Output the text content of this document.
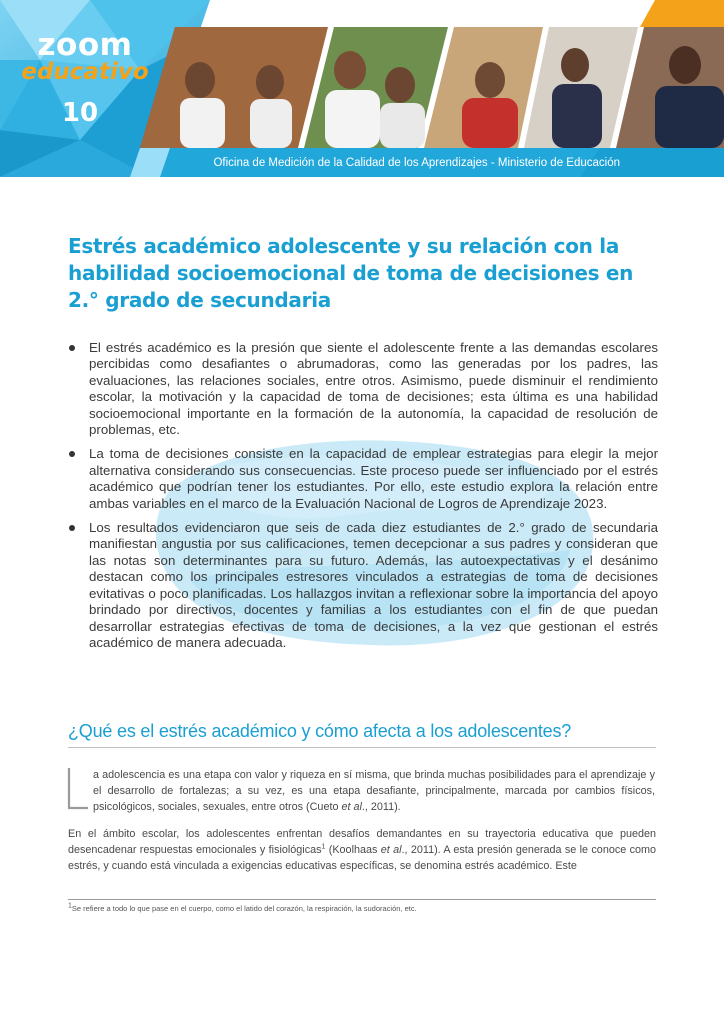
zoom
educativo
10
Oficina de Medición de la Calidad de los Aprendizajes - Ministerio de Educación
Estrés académico adolescente y su relación con la habilidad socioemocional de toma de decisiones en 2.° grado de secundaria
El estrés académico es la presión que siente el adolescente frente a las demandas escolares percibidas como desafiantes o abrumadoras, como las generadas por los padres, las evaluaciones, las relaciones sociales, entre otros. Asimismo, puede disminuir el rendimiento escolar, la motivación y la capacidad de toma de decisiones; esta última es una habilidad socioemocional importante en la formación de la autonomía, la capacidad de resolución de problemas, etc.
La toma de decisiones consiste en la capacidad de emplear estrategias para elegir la mejor alternativa considerando sus consecuencias. Este proceso puede ser influenciado por el estrés académico que podrían tener los estudiantes. Por ello, este estudio explora la relación entre ambas variables en el marco de la Evaluación Nacional de Logros de Aprendizaje 2023.
Los resultados evidenciaron que seis de cada diez estudiantes de 2.° grado de secundaria manifiestan angustia por sus calificaciones, temen decepcionar a sus padres y consideran que las notas son determinantes para su futuro. Además, las autoexpectativas y el desánimo destacan como los principales estresores vinculados a estrategias de toma de decisiones evitativas o poco planificadas. Los hallazgos invitan a reflexionar sobre la importancia del apoyo brindado por directivos, docentes y familias a los estudiantes con el fin de que puedan desarrollar estrategias efectivas de toma de decisiones, a la vez que gestionan el estrés académico de manera adecuada.
¿Qué es el estrés académico y cómo afecta a los adolescentes?

a adolescencia es una etapa con valor y riqueza en sí misma, que brinda muchas posibilidades para el aprendizaje y el desarrollo de fortalezas; a su vez, es una etapa desafiante, principalmente, marcada por cambios físicos, psicológicos, sociales, sexuales, entre otros (Cueto et al., 2011).

En el ámbito escolar, los adolescentes enfrentan desafíos demandantes en su trayectoria educativa que pueden desencadenar respuestas emocionales y fisiológicas$^1$ (Koolhaas et al., 2011). A esta presión generada se le conoce como estrés, y cuando está vinculada a exigencias educativas específicas, se denomina estrés académico. Este

$^1$Se refiere a todo lo que pase en el cuerpo, como el latido del corazón, la respiración, la sudoración, etc.
